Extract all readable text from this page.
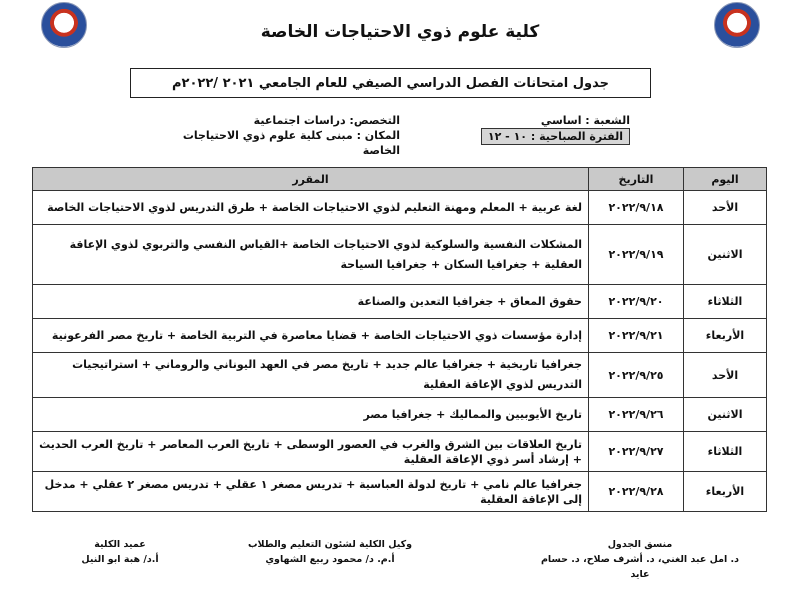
كلية علوم ذوي الاحتياجات الخاصة
جدول امتحانات الفصل الدراسي الصيفي للعام الجامعي ٢٠٢١ /٢٠٢٢م
الشعبة : اساسي
الفترة الصباحية : ١٠ - ١٢
التخصص: دراسات اجتماعية
المكان : مبنى كلية علوم ذوي الاحتياجات الخاصة
اليوم	التاريخ	المقرر
الأحد	٢٠٢٢/٩/١٨	لغة عربية + المعلم ومهنة التعليم لذوي الاحتياجات الخاصة + طرق التدريس لذوي الاحتياجات الخاصة
الاثنين	٢٠٢٢/٩/١٩	المشكلات النفسية والسلوكية لذوي الاحتياجات الخاصة +القياس النفسي والتربوي لذوي الإعاقة العقلية + جغرافيا السكان + جغرافيا السياحة
الثلاثاء	٢٠٢٢/٩/٢٠	حقوق المعاق + جغرافيا التعدين والصناعة
الأربعاء	٢٠٢٢/٩/٢١	إدارة مؤسسات ذوي الاحتياجات الخاصة + قضايا معاصرة في التربية الخاصة + تاريخ مصر الفرعونية
الأحد	٢٠٢٢/٩/٢٥	جغرافيا تاريخية + جغرافيا عالم جديد + تاريخ مصر في العهد اليوناني والروماني + استراتيجيات التدريس لذوي الإعاقة العقلية
الاثنين	٢٠٢٢/٩/٢٦	تاريخ الأيوبيين والمماليك + جغرافيا مصر
الثلاثاء	٢٠٢٢/٩/٢٧	تاريخ العلاقات بين الشرق والغرب في العصور الوسطى + تاريخ العرب المعاصر + تاريخ العرب الحديث + إرشاد أسر ذوي الإعاقة العقلية
الأربعاء	٢٠٢٢/٩/٢٨	جغرافيا عالم نامي + تاريخ لدولة العباسية + تدريس مصغر ١ عقلي + تدريس مصغر ٢ عقلي + مدخل إلى الإعاقة العقلية
منسق الجدول
د. امل عبد الغني، د. أشرف صلاح، د. حسام عايد
وكيل الكلية لشئون التعليم والطلاب
أ.م. د/ محمود ربيع الشهاوي
عميد الكلية
أ.د/ هبة ابو النيل
